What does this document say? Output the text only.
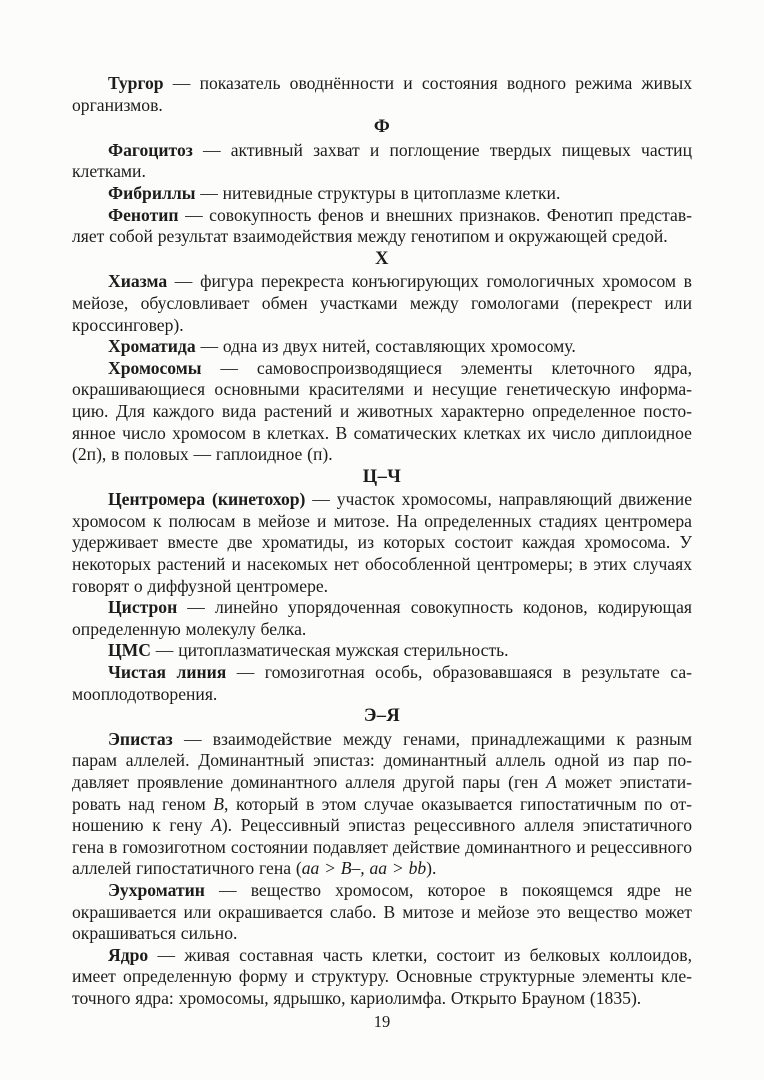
Тургор — показатель оводнённости и состояния водного режима живых организмов.

Ф

Фагоцитоз — активный захват и поглощение твердых пищевых частиц клетками.

Фибриллы — нитевидные структуры в цитоплазме клетки.

Фенотип — совокупность фенов и внешних признаков. Фенотип представляет собой результат взаимодействия между генотипом и окружающей средой.

Х

Хиазма — фигура перекреста конъюгирующих гомологичных хромосом в мейозе, обусловливает обмен участками между гомологами (перекрест или кроссинговер).

Хроматида — одна из двух нитей, составляющих хромосому.

Хромосомы — самовоспроизводящиеся элементы клеточного ядра, окрашивающиеся основными красителями и несущие генетическую информацию. Для каждого вида растений и животных характерно определенное постоянное число хромосом в клетках. В соматических клетках их число диплоидное (2п), в половых — гаплоидное (п).

Ц–Ч

Центромера (кинетохор) — участок хромосомы, направляющий движение хромосом к полюсам в мейозе и митозе. На определенных стадиях центромера удерживает вместе две хроматиды, из которых состоит каждая хромосома. У некоторых растений и насекомых нет обособленной центромеры; в этих случаях говорят о диффузной центромере.

Цистрон — линейно упорядоченная совокупность кодонов, кодирующая определенную молекулу белка.

ЦМС — цитоплазматическая мужская стерильность.

Чистая линия — гомозиготная особь, образовавшаяся в результате самооплодотворения.

Э–Я

Эпистаз — взаимодействие между генами, принадлежащими к разным парам аллелей. Доминантный эпистаз: доминантный аллель одной из пар подавляет проявление доминантного аллеля другой пары (ген A может эпистатировать над геном B, который в этом случае оказывается гипостатичным по отношению к гену A). Рецессивный эпистаз рецессивного аллеля эпистатичного гена в гомозиготном состоянии подавляет действие доминантного и рецессивного аллелей гипостатичного гена (aa > B–, aa > bb).

Эухроматин — вещество хромосом, которое в покоящемся ядре не окрашивается или окрашивается слабо. В митозе и мейозе это вещество может окрашиваться сильно.

Ядро — живая составная часть клетки, состоит из белковых коллоидов, имеет определенную форму и структуру. Основные структурные элементы клеточного ядра: хромосомы, ядрышко, кариолимфа. Открыто Брауном (1835).

19
